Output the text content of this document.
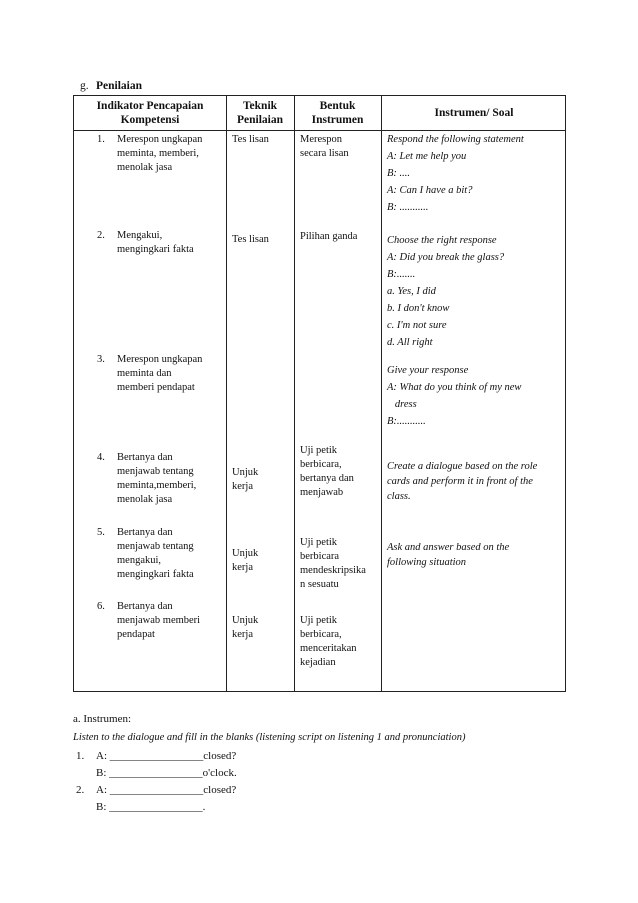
g. Penilaian
Indikator Pencapaian
Kompetensi
Teknik
Penilaian
Bentuk
Instrumen
Instrumen/ Soal
1. Merespon ungkapan
meminta, memberi,
menolak jasa
Tes lisan	Merespon
secara lisan
2. Mengakui,
mengingkari fakta
Tes lisan	Pilihan ganda
3. Merespon ungkapan
meminta dan
memberi pendapat
4. Bertanya dan
menjawab tentang
meminta,memberi,
menolak jasa
Unjuk
kerja
Uji petik
berbicara,
bertanya dan
menjawab
5. Bertanya dan
menjawab tentang
mengakui,
mengingkari fakta
Unjuk
kerja
Uji petik
berbicara
mendeskripsika
n sesuatu
6. Bertanya dan
menjawab memberi
pendapat
Unjuk
kerja
Uji petik
berbicara,
menceritakan
kejadian
Respond the following statement
A: Let me help you
B: ....
A: Can I have a bit?
B: ...........
Choose the right response
A: Did you break the glass?
B:.......
a. Yes, I did
b. I don't know
c. I'm not sure
d. All right
Give your response
A: What do you think of my new
dress
B:...........
Create a dialogue based on the role
cards and perform it in front of the
class.
Ask and answer based on the
following situation
a. Instrumen:
Listen to the dialogue and fill in the blanks (listening script on listening 1 and pronunciation)
1. A: _________________closed?
B: _________________o'clock.
2. A: _________________closed?
B: _________________.
